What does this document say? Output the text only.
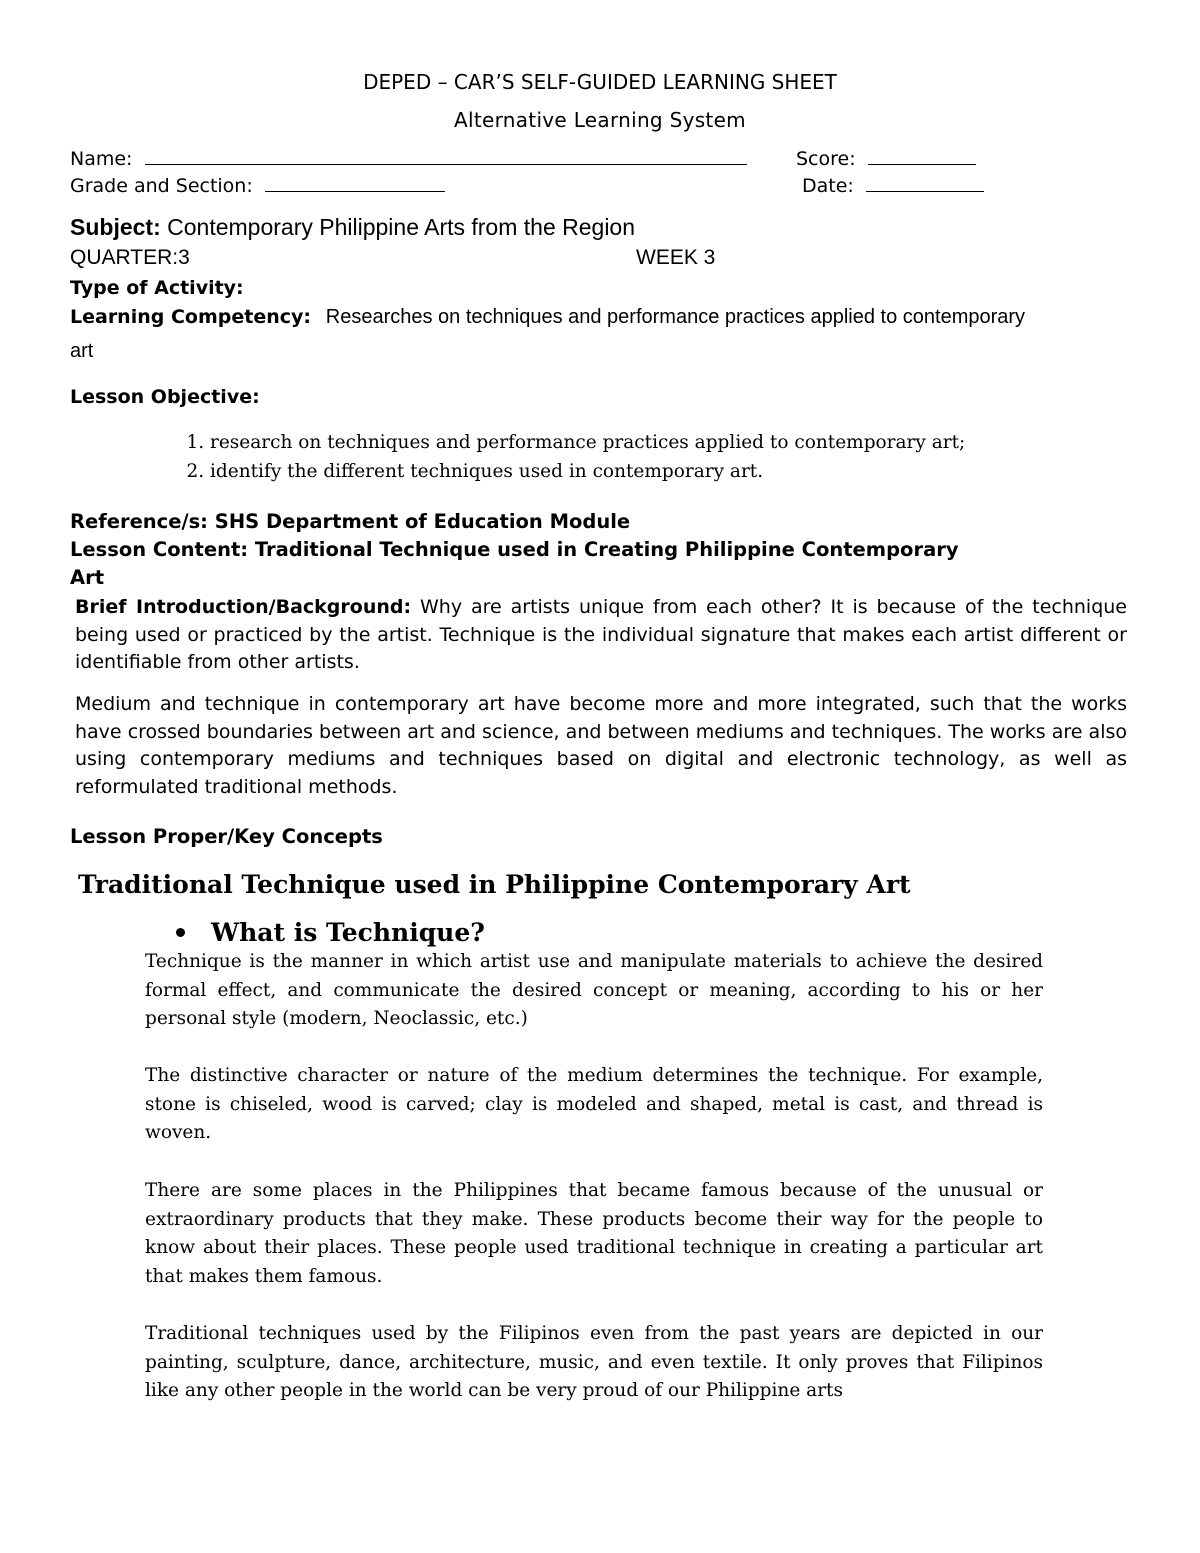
DEPED – CAR’S SELF-GUIDED LEARNING SHEET
Alternative Learning System
Name:	Score:
Grade and Section:	Date:
Subject: Contemporary Philippine Arts from the Region
QUARTER:3	WEEK 3
Type of Activity:
Learning Competency: Researches on techniques and performance practices applied to contemporary
art
Lesson Objective:
1. research on techniques and performance practices applied to contemporary art;
2. identify the different techniques used in contemporary art.
Reference/s: SHS Department of Education Module
Lesson Content: Traditional Technique used in Creating Philippine Contemporary
Art
Brief Introduction/Background: Why are artists unique from each other? It is because of the technique being used or practiced by the artist. Technique is the individual signature that makes each artist different or identifiable from other artists.
Medium and technique in contemporary art have become more and more integrated, such that the works have crossed boundaries between art and science, and between mediums and techniques. The works are also using contemporary mediums and techniques based on digital and electronic technology, as well as reformulated traditional methods.
Lesson Proper/Key Concepts
Traditional Technique used in Philippine Contemporary Art
What is Technique?
Technique is the manner in which artist use and manipulate materials to achieve the desired formal effect, and communicate the desired concept or meaning, according to his or her personal style (modern, Neoclassic, etc.)
The distinctive character or nature of the medium determines the technique. For example, stone is chiseled, wood is carved; clay is modeled and shaped, metal is cast, and thread is woven.
There are some places in the Philippines that became famous because of the unusual or extraordinary products that they make. These products become their way for the people to know about their places. These people used traditional technique in creating a particular art that makes them famous.
Traditional techniques used by the Filipinos even from the past years are depicted in our painting, sculpture, dance, architecture, music, and even textile. It only proves that Filipinos like any other people in the world can be very proud of our Philippine arts
